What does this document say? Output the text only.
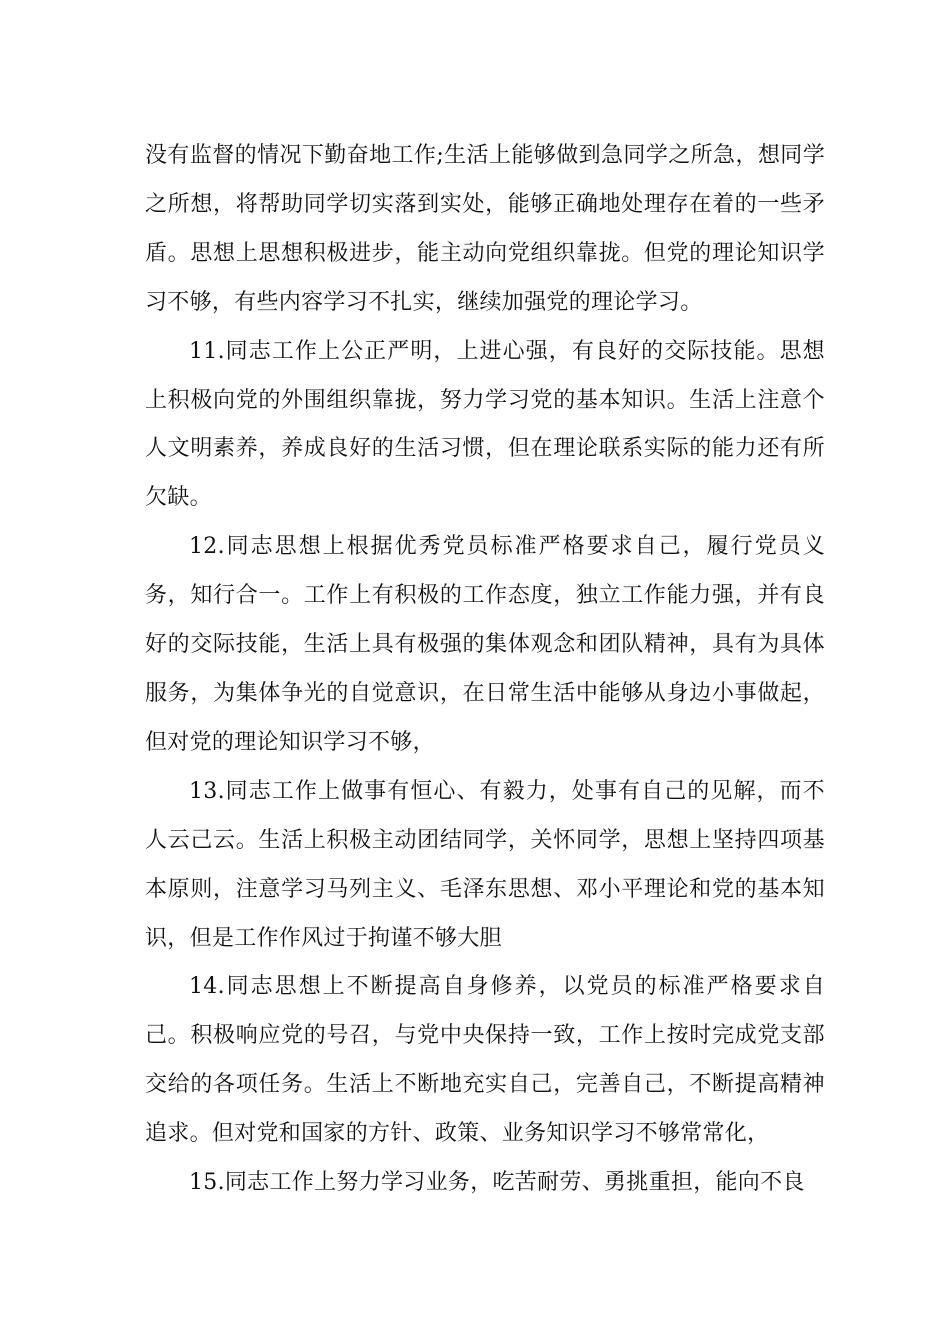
没有监督的情况下勤奋地工作;生活上能够做到急同学之所急，想同学之所想，将帮助同学切实落到实处，能够正确地处理存在着的一些矛盾。思想上思想积极进步，能主动向党组织靠拢。但党的理论知识学习不够，有些内容学习不扎实，继续加强党的理论学习。

11.同志工作上公正严明，上进心强，有良好的交际技能。思想上积极向党的外围组织靠拢，努力学习党的基本知识。生活上注意个人文明素养，养成良好的生活习惯，但在理论联系实际的能力还有所欠缺。

12.同志思想上根据优秀党员标准严格要求自己，履行党员义务，知行合一。工作上有积极的工作态度，独立工作能力强，并有良好的交际技能，生活上具有极强的集体观念和团队精神，具有为具体服务，为集体争光的自觉意识，在日常生活中能够从身边小事做起，但对党的理论知识学习不够，

13.同志工作上做事有恒心、有毅力，处事有自己的见解，而不人云己云。生活上积极主动团结同学，关怀同学，思想上坚持四项基本原则，注意学习马列主义、毛泽东思想、邓小平理论和党的基本知识，但是工作作风过于拘谨不够大胆

14.同志思想上不断提高自身修养，以党员的标准严格要求自己。积极响应党的号召，与党中央保持一致，工作上按时完成党支部交给的各项任务。生活上不断地充实自己，完善自己，不断提高精神追求。但对党和国家的方针、政策、业务知识学习不够常常化，

15.同志工作上努力学习业务，吃苦耐劳、勇挑重担，能向不良
